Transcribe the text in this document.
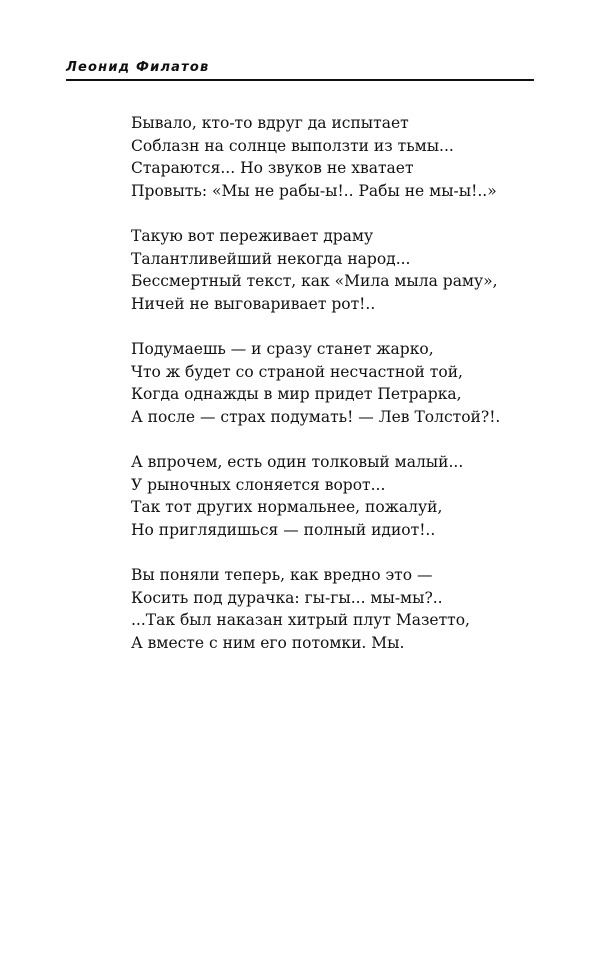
Леонид Филатов
Бывало, кто-то вдруг да испытает
Соблазн на солнце выползти из тьмы...
Стараются... Но звуков не хватает
Провыть: «Мы не рабы-ы!.. Рабы не мы-ы!..»
Такую вот переживает драму
Талантливейший некогда народ...
Бессмертный текст, как «Мила мыла раму»,
Ничей не выговаривает рот!..
Подумаешь — и сразу станет жарко,
Что ж будет со страной несчастной той,
Когда однажды в мир придет Петрарка,
А после — страх подумать! — Лев Толстой?!.
А впрочем, есть один толковый малый...
У рыночных слоняется ворот...
Так тот других нормальнее, пожалуй,
Но приглядишься — полный идиот!..
Вы поняли теперь, как вредно это —
Косить под дурачка: гы-гы... мы-мы?..
...Так был наказан хитрый плут Мазетто,
А вместе с ним его потомки. Мы.
